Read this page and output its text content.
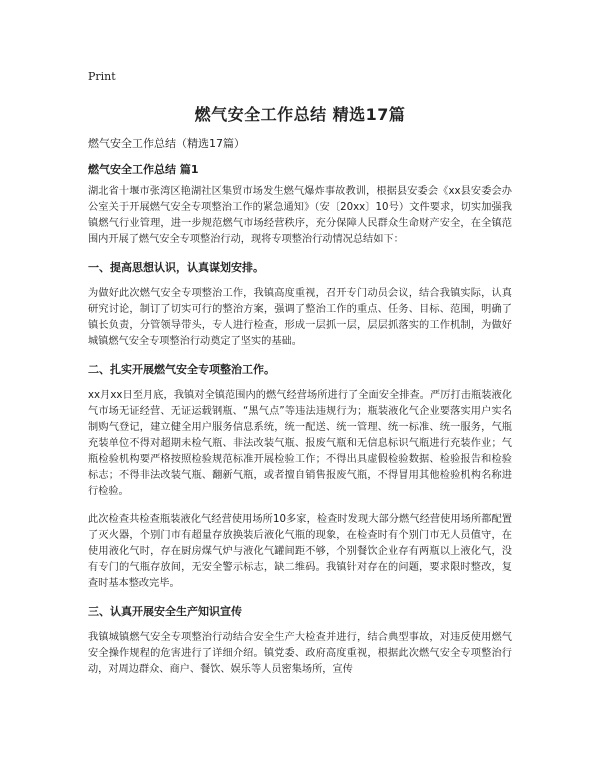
Print
燃气安全工作总结 精选17篇

燃气安全工作总结（精选17篇）

燃气安全工作总结 篇1

湖北省十堰市张湾区艳湖社区集贸市场发生燃气爆炸事故教训，根据县安委会《xx县安委会办公室关于开展燃气安全专项整治工作的紧急通知》（安〔20xx〕10号）文件要求，切实加强我镇燃气行业管理，进一步规范燃气市场经营秩序，充分保障人民群众生命财产安全，在全镇范围内开展了燃气安全专项整治行动，现将专项整治行动情况总结如下：

一、提高思想认识，认真谋划安排。

为做好此次燃气安全专项整治工作，我镇高度重视，召开专门动员会议，结合我镇实际，认真研究讨论，制订了切实可行的整治方案，强调了整治工作的重点、任务、目标、范围，明确了镇长负责，分管领导带头，专人进行检查，形成一层抓一层，层层抓落实的工作机制，为做好城镇燃气安全专项整治行动奠定了坚实的基础。

二、扎实开展燃气安全专项整治工作。

xx月xx日至月底，我镇对全镇范围内的燃气经营场所进行了全面安全排查。严厉打击瓶装液化气市场无证经营、无证运载钢瓶、“黑气点”等违法违规行为；瓶装液化气企业要落实用户实名制购气登记，建立健全用户服务信息系统，统一配送、统一管理、统一标准、统一服务，气瓶充装单位不得对超期未检气瓶、非法改装气瓶、报废气瓶和无信息标识气瓶进行充装作业；气瓶检验机构要严格按照检验规范标准开展检验工作；不得出具虚假检验数据、检验报告和检验标志；不得非法改装气瓶、翻新气瓶，或者擅自销售报废气瓶，不得冒用其他检验机构名称进行检验。

此次检查共检查瓶装液化气经营使用场所10多家，检查时发现大部分燃气经营使用场所都配置了灭火器，个别门市有超量存放换装后液化气瓶的现象，在检查时有个别门市无人员值守，在使用液化气时，存在厨房煤气炉与液化气罐间距不够，个别餐饮企业存有两瓶以上液化气，没有专门的气瓶存放间，无安全警示标志，缺二维码。我镇针对存在的问题，要求限时整改，复查时基本整改完毕。

三、认真开展安全生产知识宣传

我镇城镇燃气安全专项整治行动结合安全生产大检查并进行，结合典型事故，对违反使用燃气安全操作规程的危害进行了详细介绍。镇党委、政府高度重视，根据此次燃气安全专项整治行动，对周边群众、商户、餐饮、娱乐等人员密集场所，宣传
